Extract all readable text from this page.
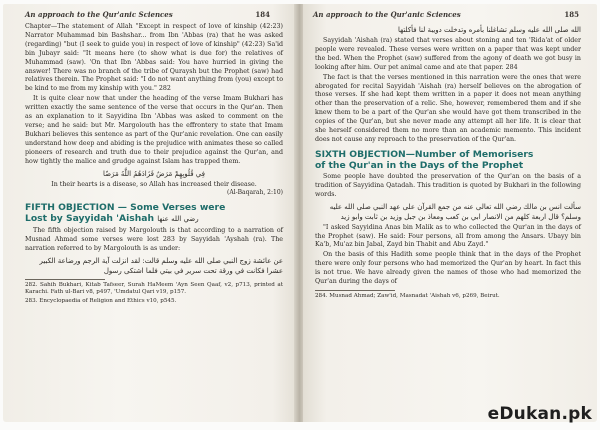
An approach to the Qur'anic Sciences	184

Chapter—The statement of Allah "Except in respect of love of kinship (42:23) Narrator Muhammad bin Bashshar... from Ibn 'Abbas (ra) that he was asked (regarding) "but (I seek to guide you) in respect of love of kinship" (42:23) Sa'id bin Jubayr said: "It means here (to show what is due for) the relatives of Muhammad (saw). 'On that Ibn 'Abbas said: You have hurried in giving the answer! There was no branch of the tribe of Quraysh but the Prophet (saw) had relatives therein. The Prophet said: "I do not want anything from (you) except to be kind to me from my kinship with you." 282

It is quite clear now that under the heading of the verse Imam Bukhari has written exactly the same sentence of the verse that occurs in the Qur'an. Then as an explanation to it Sayyidina Ibn 'Abbas was asked to comment on the verse; and he said: but Mr. Margolouth has the effrontery to state that Imam Bukhari believes this sentence as part of the Qur'anic revelation. One can easily understand how deep and abiding is the prejudice with animates these so called pioneers of research and truth due to their prejudice against the Qur'an, and how tightly the malice and grudge against Islam has trapped them.

فِي قُلُوبِهِمْ مَرَضٌ فَزَادَهُمُ اللَّهُ مَرَضًا
In their hearts is a disease, so Allah has increased their disease.
(Al-Baqarah, 2:10)
FIFTH OBJECTION — Some Verses were
Lost by Sayyidah 'Aishah رضي الله عنها

The fifth objection raised by Margolouth is that according to a narration of Musnad Ahmad some verses were lost 283 by Sayyidah 'Ayshah (ra). The narration referred to by Margolouth is as under:

عن عائشة زوج النبي صلى الله عليه وسلم قالت: لقد انزلت آية الرجم ورضاعة الكبير عشرا فكانت في ورقة تحت سرير في بيتي فلما اشتكى رسول

282. Sahih Bukhari, Kitab Tafseer, Surah HaMeem 'Ayn Seen Qaaf, v2, p713, printed at Karachi. Fath ul-Bari v8, p497, 'Umdatul Qari v19, p157.

283. Encyclopaedia of Religion and Ethics v10, p545.

An approach to the Qur'anic Sciences	185
الله صلى الله عليه وسلم تشاغلنا بأمره وتدخلت دويبة لنا فأكلتها

Sayyidah 'Aishah (ra) stated that verses about stoning and ten 'Rida'at of older people were revealed. These verses were written on a paper that was kept under the bed. When the Prophet (saw) suffered from the agony of death we got busy in looking after him. Our pet animal came and ate that paper. 284

The fact is that the verses mentioned in this narration were the ones that were abrogated for recital Sayyidah 'Aishah (ra) herself believes on the abrogation of those verses. If she had kept them written in a paper it does not mean anything other than the preservation of a relic. She, however, remembered them and if she knew them to be a part of the Qur'an she would have got them transcribed in the copies of the Qur'an, but she never made any attempt all her life. It is clear that she herself considered them no more than an academic memento. This incident does not cause any reproach to the preservation of the Qur'an.

SIXTH OBJECTION—Number of Memorisers
of the Qur'an in the Days of the Prophet

Some people have doubted the preservation of the Qur'an on the basis of a tradition of Sayyidina Qatadah. This tradition is quoted by Bukhari in the following words.

سألت انس بن مالك رضي الله تعالى عنه من جمع القرآن على عهد النبي صلى الله عليه وسلم؟ قال اربعة كلهم من الانصار ابي بن كعب ومعاذ بن جبل وزيد بن ثابت وابو زيد

"I asked Sayyidina Anas bin Malik as to who collected the Qur'an in the days of the Prophet (saw). He said: Four persons, all from among the Ansars. Ubayy bin Ka'b, Mu'az bin Jabal, Zayd bin Thabit and Abu Zayd."

On the basis of this Hadith some people think that in the days of the Prophet there were only four persons who had memorized the Qur'an by heart. In fact this is not true. We have already given the names of those who had memorized the Qur'an during the days of

284. Musnad Ahmad; Zaw'id, Masnadat 'Aishah v6, p269, Beirut.

eDukan.pk
